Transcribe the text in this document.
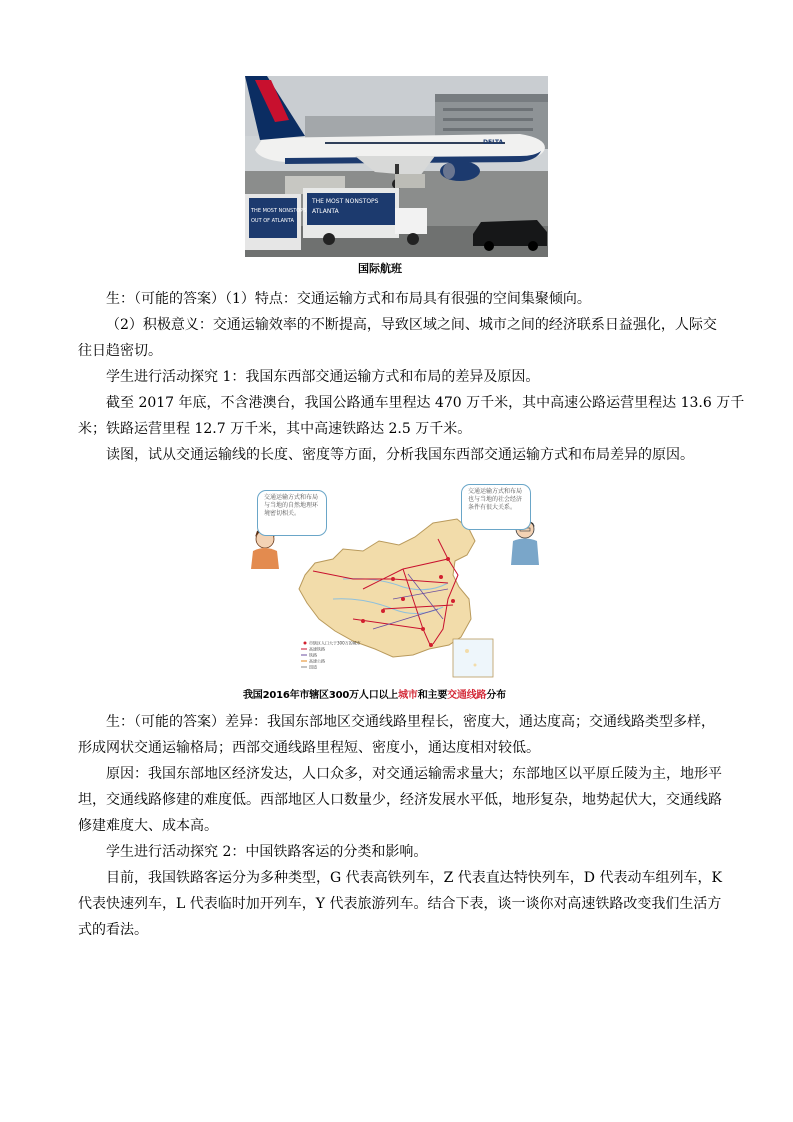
DELTA
THE MOST NONSTOPS
ATLANTA
THE MOST NONSTOPS
OUT OF ATLANTA
国际航班
生：（可能的答案）（1）特点：交通运输方式和布局具有很强的空间集聚倾向。
（2）积极意义：交通运输效率的不断提高，导致区域之间、城市之间的经济联系日益强化，人际交
往日趋密切。
学生进行活动探究 1：我国东西部交通运输方式和布局的差异及原因。
截至 2017 年底，不含港澳台，我国公路通车里程达 470 万千米，其中高速公路运营里程达 13.6 万千
米；铁路运营里程 12.7 万千米，其中高速铁路达 2.5 万千米。
读图，试从交通运输线的长度、密度等方面，分析我国东西部交通运输方式和布局差异的原因。
市辖区人口大于300万的城市
高速铁路
铁路
高速公路
国道
交通运输方式和布局与当地的自然地理环境密切相关。
交通运输方式和布局也与当地的社会经济条件有很大关系。
我国2016年市辖区300万人口以上城市和主要交通线路分布
生：（可能的答案）差异：我国东部地区交通线路里程长，密度大，通达度高；交通线路类型多样，
形成网状交通运输格局；西部交通线路里程短、密度小，通达度相对较低。
原因：我国东部地区经济发达，人口众多，对交通运输需求量大；东部地区以平原丘陵为主，地形平
坦，交通线路修建的难度低。西部地区人口数量少，经济发展水平低，地形复杂，地势起伏大，交通线路
修建难度大、成本高。
学生进行活动探究 2：中国铁路客运的分类和影响。
目前，我国铁路客运分为多种类型，G 代表高铁列车，Z 代表直达特快列车，D 代表动车组列车，K
代表快速列车，L 代表临时加开列车，Y 代表旅游列车。结合下表，谈一谈你对高速铁路改变我们生活方
式的看法。
